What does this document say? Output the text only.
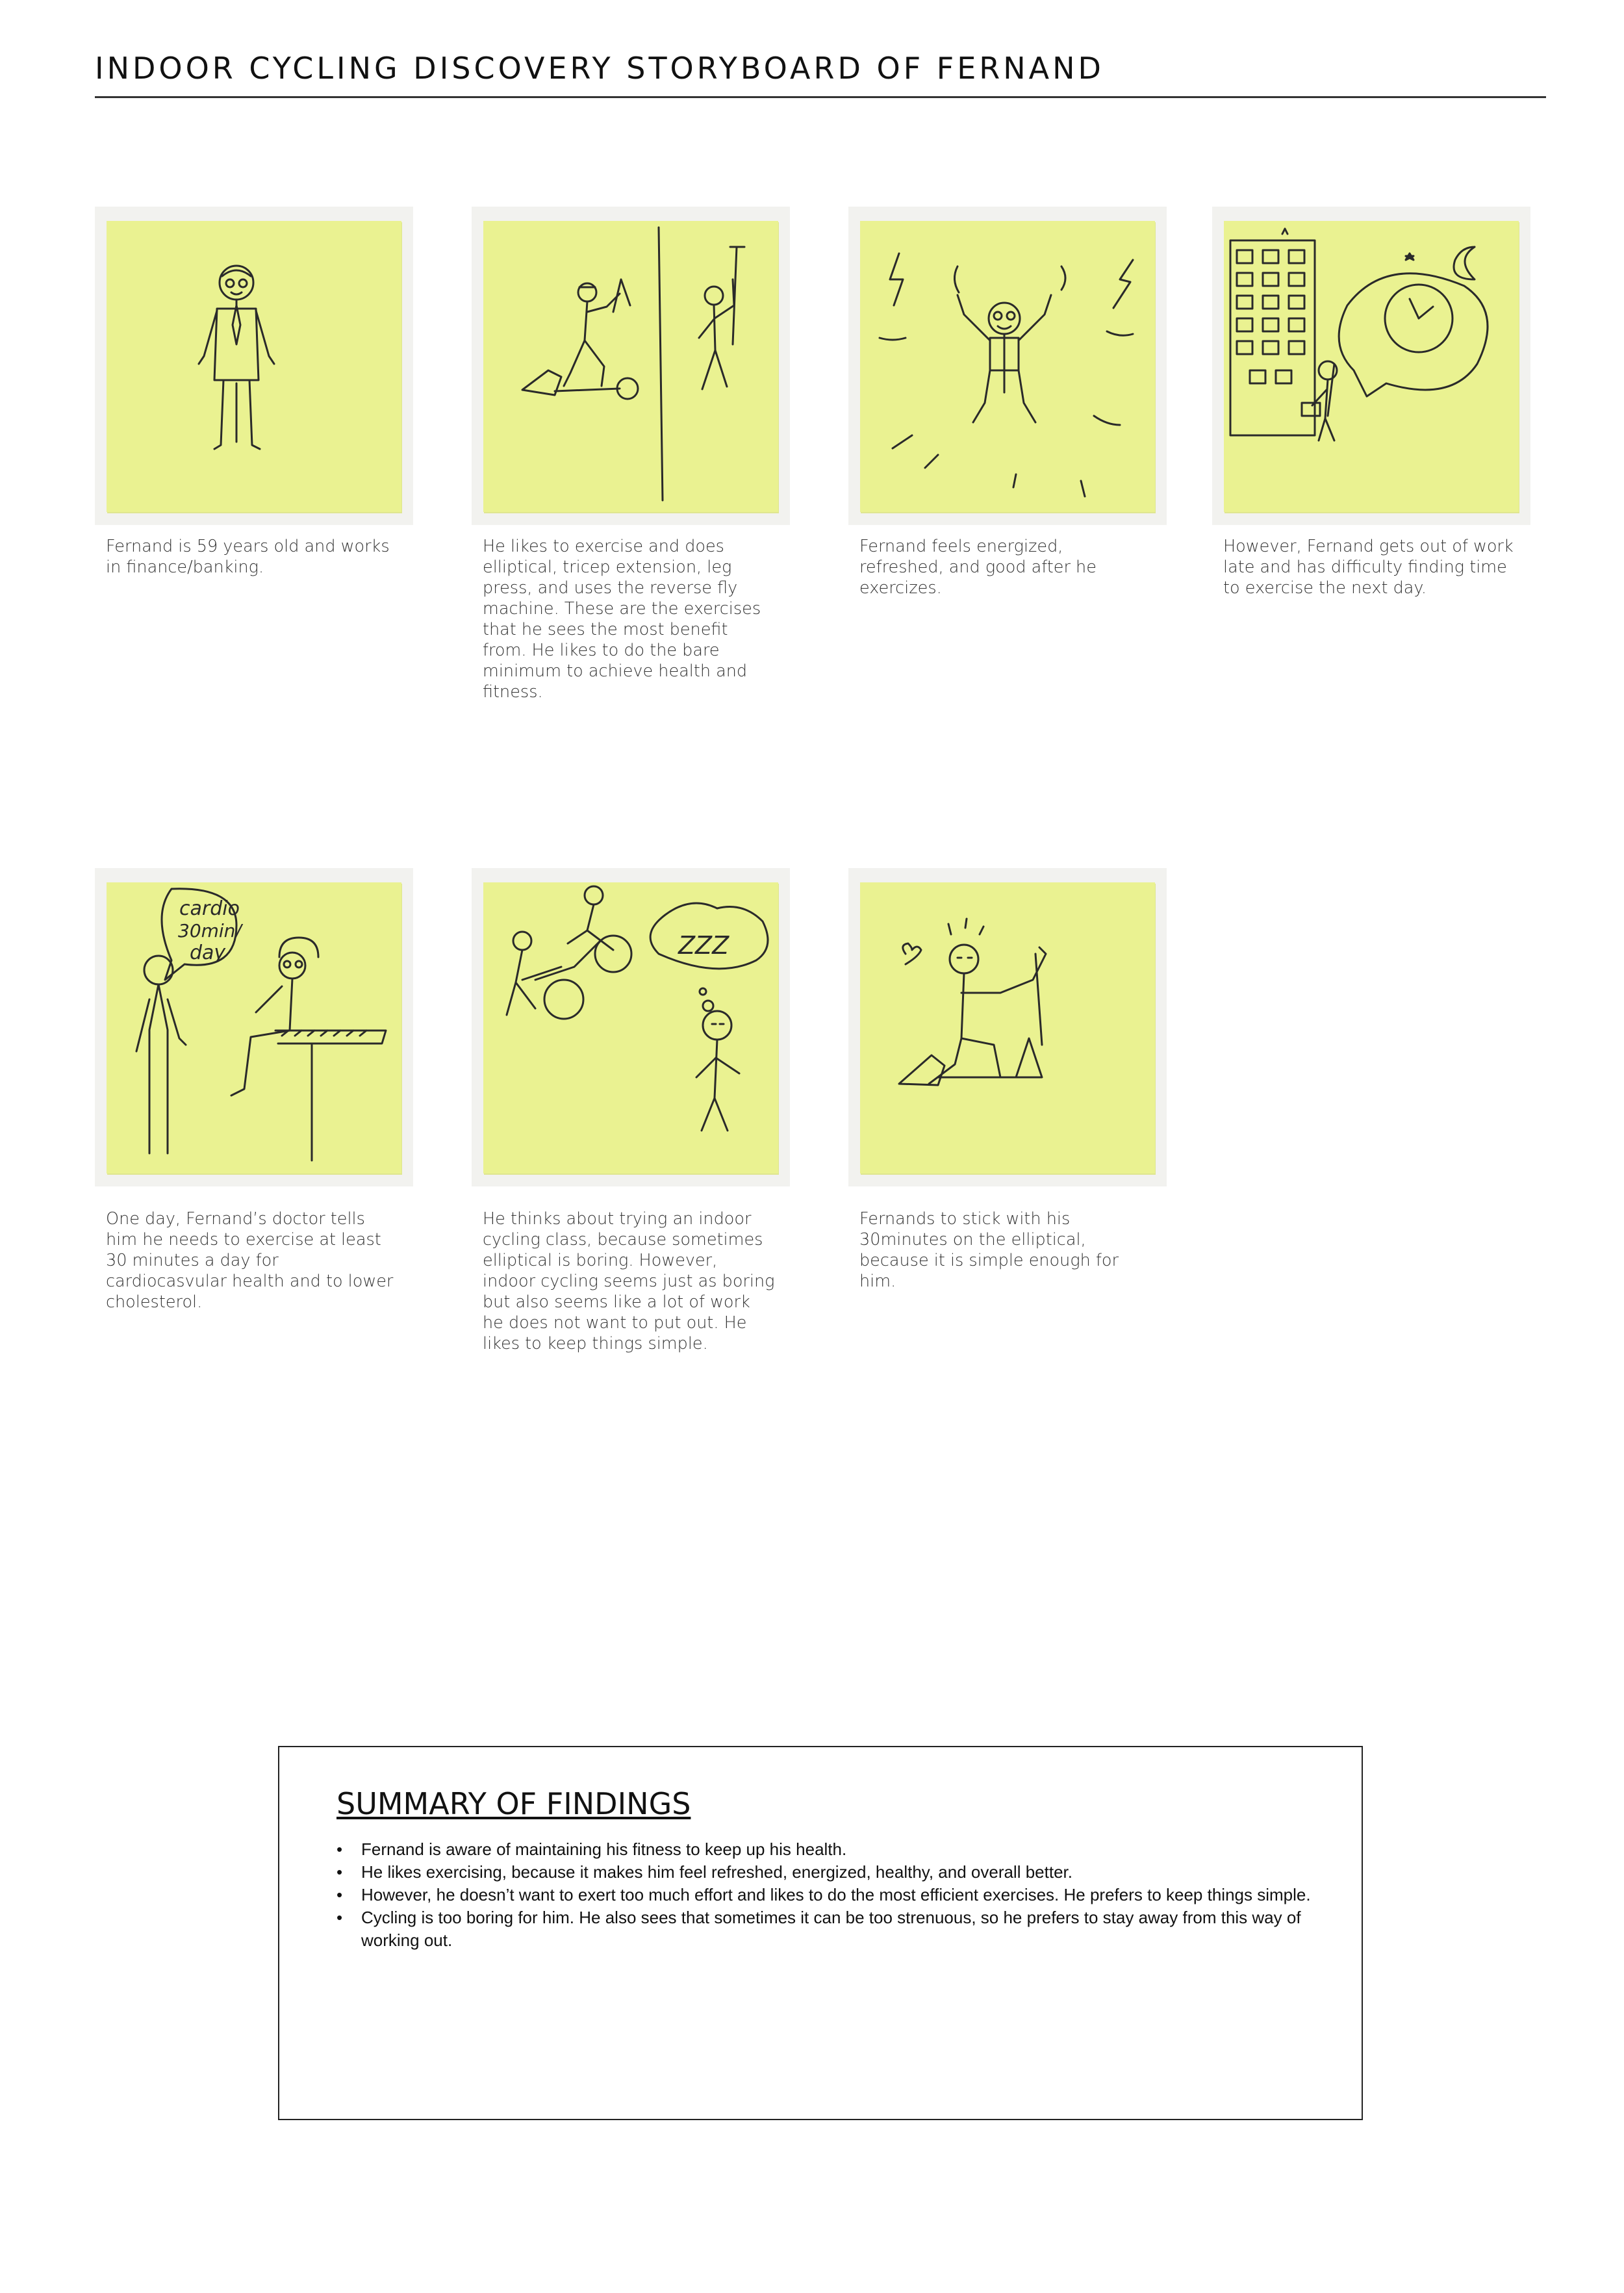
INDOOR CYCLING DISCOVERY STORYBOARD OF FERNAND
Fernand is 59 years old and works in finance/banking.
He likes to exercise and does elliptical, tricep extension, leg press, and uses the reverse fly machine. These are the exercises that he sees the most benefit from. He likes to do the bare minimum to achieve health and fitness.
Fernand feels energized, refreshed, and good after he exercizes.
However, Fernand gets out of work late and has difficulty finding time to exercise the next day.
cardio
30min/
day
One day, Fernand’s doctor tells him he needs to exercise at least 30 minutes a day for cardiocasvular health and to lower cholesterol.
ZZZ
He thinks about trying an indoor cycling class, because sometimes elliptical is boring. However, indoor cycling seems just as boring but also seems like a lot of work he does not want to put out. He likes to keep things simple.
Fernands to stick with his 30minutes on the elliptical, because it is simple enough for him.
SUMMARY OF FINDINGS
• Fernand is aware of maintaining his fitness to keep up his health.
• He likes exercising, because it makes him feel refreshed, energized, healthy, and overall better.
• However, he doesn’t want to exert too much effort and likes to do the most efficient exercises. He prefers to keep things simple.
• Cycling is too boring for him. He also sees that sometimes it can be too strenuous, so he prefers to stay away from this way of working out.
